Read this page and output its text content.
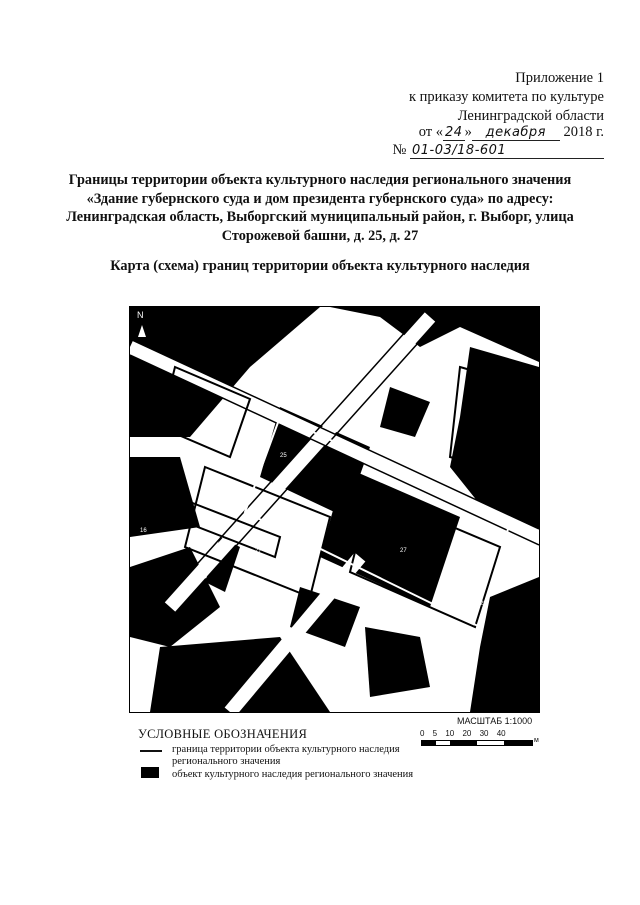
Приложение 1
к приказу комитета по культуре
Ленинградской области
от « 24 » декабря 2018 г.
№ 01-03/18-601
Границы территории объекта культурного наследия регионального значения
«Здание губернского суда и дом президента губернского суда» по адресу:
Ленинградская область, Выборгский муниципальный район, г. Выборг, улица
Сторожевой башни, д. 25, д. 27
Карта (схема) границ территории объекта культурного наследия
N
25
27
23
29
27
31
16
УСЛОВНЫЕ ОБОЗНАЧЕНИЯ
граница территории объекта культурного наследия регионального значения
объект культурного наследия регионального значения
МАСШТАБ 1:1000
0 5 10 20 30 40
м
